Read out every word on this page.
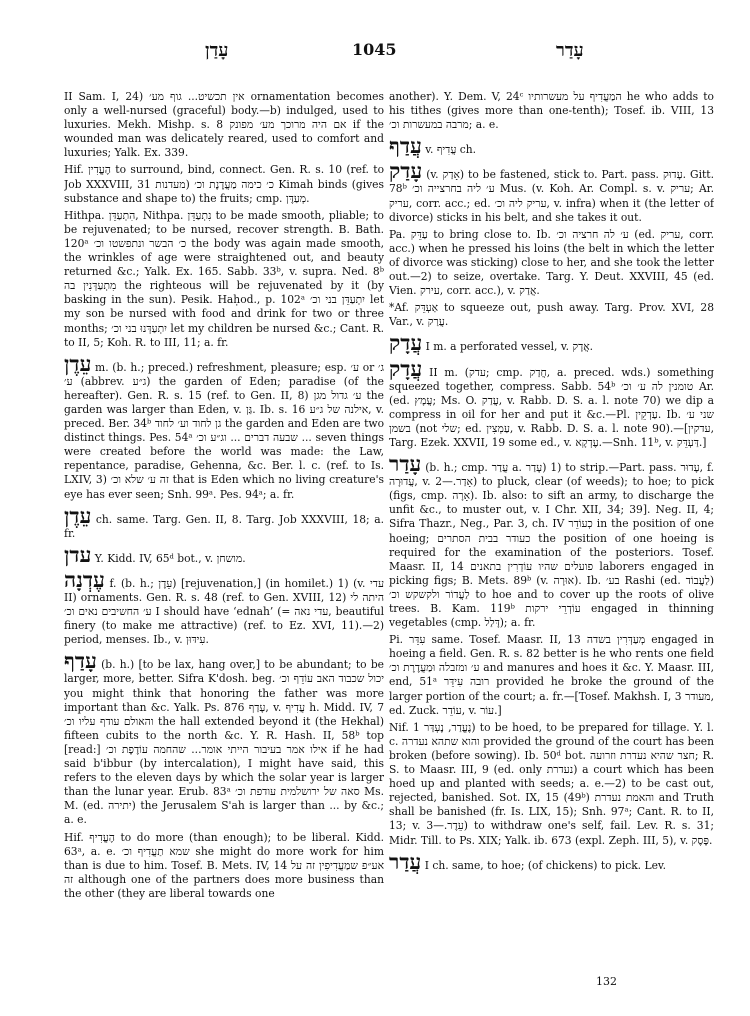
עָדַן	1045	עָדַר

II Sam. I, 24) אין תכשיט... גוף מע׳ ornamentation becomes only a well-nursed (graceful) body.—b) indulged, used to luxuries. Mekh. Mishp. s. 8 אם היה מרוכך מע׳ מפונק if the wounded man was delicately reared, used to comfort and luxuries; Yalk. Ex. 339.

Hif. הֶעֱדִין to surround, bind, connect. Gen. R. s. 10 (ref. to Job XXXVIII, 31 מעדנות) כ׳ כימה מַעֲדֶנֶת וכ׳ Kimah binds (gives substance and shape to) the fruits; cmp. מְעַדֶּן.

Hithpa. הִתְעַדֵּן, Nithpa. נִתְעַדֵּן to be made smooth, pliable; to be rejuvenated; to be nursed, recover strength. B. Bath. 120ᵃ כ׳ הבשר ונתפשטו וכ׳ the body was again made smooth, the wrinkles of age were straightened out, and beauty returned &c.; Yalk. Ex. 165. Sabb. 33ᵇ, v. supra. Ned. 8ᵇ מִתְעַדְּנִין בה the righteous will be rejuvenated by it (by basking in the sun). Pesik. Haḥod., p. 102ᵃ יִתְעַדֵּן בני וכ׳ let my son be nursed with food and drink for two or three months; יִתְעַדְּנוּ בני וכ׳ let my children be nursed &c.; Cant. R. to II, 5; Koh. R. to III, 11; a. fr.

עֵדֶן m. (b. h.; preced.) refreshment, pleasure; esp. ע׳ or ג׳ ע׳ (abbrev. ג״ע) the garden of Eden; paradise (of the hereafter). Gen. R. s. 15 (ref. to Gen. II, 8) ע׳ גדול מגן the garden was larger than Eden, v. גַּן. Ib. s. 16 אילנה של ג״ע, v. preced. Ber. 34ᵇ גן לחוד וע׳ לחוד the garden and Eden are two distinct things. Pes. 54ᵃ שבעה דברים ... וג״ע וכ׳ ... seven things were created before the world was made: the Law, repentance, paradise, Gehenna, &c. Ber. l. c. (ref. to Is. LXIV, 3) זה ע׳ שלא וכ׳ that is Eden which no living creature's eye has ever seen; Snh. 99ᵃ. Pes. 94ᵃ; a. fr.

עֵדֶן ch. same. Targ. Gen. II, 8. Targ. Job XXXVIII, 18; a. fr.

עדן Y. Kidd. IV, 65ᵈ bot., v. מושחן.

עֶדְנָה f. (b. h.; עֵדֶן) [rejuvenation,] (in homilet.) 1) (v. עדי II) ornaments. Gen. R. s. 48 (ref. to Gen. XVIII, 12) היתה לי ע׳ החשיבים נאים וכ׳ I should have ‘ednah’ (= עדי נאה, beautiful finery (to make me attractive) (ref. to Ez. XVI, 11).—2) period, menses. Ib., v. עִידּוּן.

עָדַף (b. h.) [to be lax, hang over,] to be abundant; to be larger, more, better. Sifra K'dosh. beg. יכול שכבוד האב עוֹדֵף וכ׳ you might think that honoring the father was more important than &c. Yalk. Ps. 876 עָדַף, v. עֲדִיף h. Midd. IV, 7 והאולם עודף עליו וכ׳ the hall extended beyond it (the Hekhal) fifteen cubits to the north &c. Y. R. Hash. II, 58ᵇ top [read:] אילו אמר בעיבור הייתי אומר... שהחמה עוֹדֶפֶת וכ׳ if he had said b'ibbur (by intercalation), I might have said, this refers to the eleven days by which the solar year is larger than the lunar year. Erub. 83ᵃ סאה של ירושלמית עודפת וכ׳ Ms. M. (ed. יתירה) the Jerusalem S'ah is larger than ... by &c.; a. e.

Hif. הֶעֱדִיף to do more (than enough); to be liberal. Kidd. 63ᵃ, a. e. שמא תַעֲדִיף וכ׳ she might do more work for him than is due to him. Tosef. B. Mets. IV, 14 אע״פ שמַעֲדִיפִין זה על זה although one of the partners does more business than the other (they are liberal towards one

another). Y. Dem. V, 24ᶜ המַעֲדִיף על מעשרותיו he who adds to his tithes (gives more than one-tenth); Tosef. ib. VIII, 13 מרבה במעשרות וכ׳; a. e.

עֲדַף v. עֲדִיף ch.

עָדַק (v. אָדַק) to be fastened, stick to. Part. pass. עָדוּק. Gitt. 78ᵇ ע׳ ליה בחרצייה וכ׳ Mus. (v. Koh. Ar. Compl. s. v. עריק; Ar. עריק, corr. acc.; ed. עריק ליה וכ׳, v. infra) when it (the letter of divorce) sticks in his belt, and she takes it out.

Pa. עַדֵּק to bring close to. Ib. ע׳ לה חרציה וכ׳ (ed. עריק, corr. acc.) when he pressed his loins (the belt in which the letter of divorce was sticking) close to her, and she took the letter out.—2) to seize, overtake. Targ. Y. Deut. XXVIII, 45 (ed. Vien. עירק, corr. acc.), v. אֲדַק.

*Af. אַעְדֵּק to squeeze out, push away. Targ. Prov. XVI, 28 Var., v. עֲרַק.

עֲדָק I m. a perforated vessel, v. אֲדָק.

עֲדָק II m. (עדק; cmp. חֲדַק, a. preced. wds.) something squeezed together, compress. Sabb. 54ᵇ טומנין לה ע׳ וכ׳ Ar. (ed. עֲמָץ; Ms. O. עֲדַק, v. Rabb. D. S. a. l. note 70) we dip a compress in oil for her and put it &c.—Pl. עַדְקֵין. Ib. שני ע׳ בשמן (not שלי; ed. עַמְצִין, v. Rabb. D. S. a. l. note 90).—[עדקין, Targ. Ezek. XXVII, 19 some ed., v. עֶדְקָא.—Snh. 11ᵇ, v. דַּעְדֵּק.]

עָדַר (b. h.; cmp. עֲדַר a. עָדַר) 1) to strip.—Part. pass. עָדוּר, f. עֲדוּרָה, v. אָדַר.—2) to pluck, clear (of weeds); to hoe; to pick (figs, cmp. אָרָה). Ib. also: to sift an army, to discharge the unfit &c., to muster out, v. I Chr. XII, 34; 39]. Neg. II, 4; Sifra Thazr., Neg., Par. 3, ch. IV כְעוֹדֵר in the position of one hoeing; כעודר בבית הסתרים the position of one hoeing is required for the examination of the posteriors. Tosef. Maasr. II, 14 פועלים שהיו עוֹדְרִין בתאנים laborers engaged in picking figs; B. Mets. 89ᵇ (v. אוּרָה). Ib. בע׳ Rashi (ed. לַעֲבוֹד) לַעֲדוֹר ולקשקש וכ׳ to hoe and to cover up the roots of olive trees. B. Kam. 119ᵇ עוֹדְרֵי ירקות engaged in thinning vegetables (cmp. דָּלַל); a. fr.

Pi. עִדֵּר same. Tosef. Maasr. II, 13 מְעַדְּרִין בשדה engaged in hoeing a field. Gen. R. s. 82 better is he who rents one field ע׳ ומזבלה וּמַעֲדֶרֶת וכ׳ and manures and hoes it &c. Y. Maasr. III, end, 51ᵃ רובה עִידֵּר provided he broke the ground of the larger portion of the court; a. fr.—[Tosef. Makhsh. I, 3 מעודר, ed. Zuck. עוֹדֵר, v. עוֹר.]

Nif. נֶעֱדַר, נֶעְדַּר 1) to be hoed, to be prepared for tillage. Y. l. c. והוא שתהא נעדרה provided the ground of the court has been broken (before sowing). Ib. 50ᵈ bot. חצר שהיא נעדרת וזרועה; R. S. to Maasr. III, 9 (ed. only נעדרת) a court which has been hoed up and planted with seeds; a. e.—2) to be cast out, rejected, banished. Sot. IX, 15 (49ᵇ) והאמת נעדרת and Truth shall be banished (fr. Is. LIX, 15); Snh. 97ᵃ; Cant. R. to II, 13; v. עֵדֶר.—3) to withdraw one's self, fail. Lev. R. s. 31; Midr. Till. to Ps. XIX; Yalk. ib. 673 (expl. Zeph. III, 5), v. פֶּסֶק.

עֲדַר I ch. same, to hoe; (of chickens) to pick. Lev.

132
